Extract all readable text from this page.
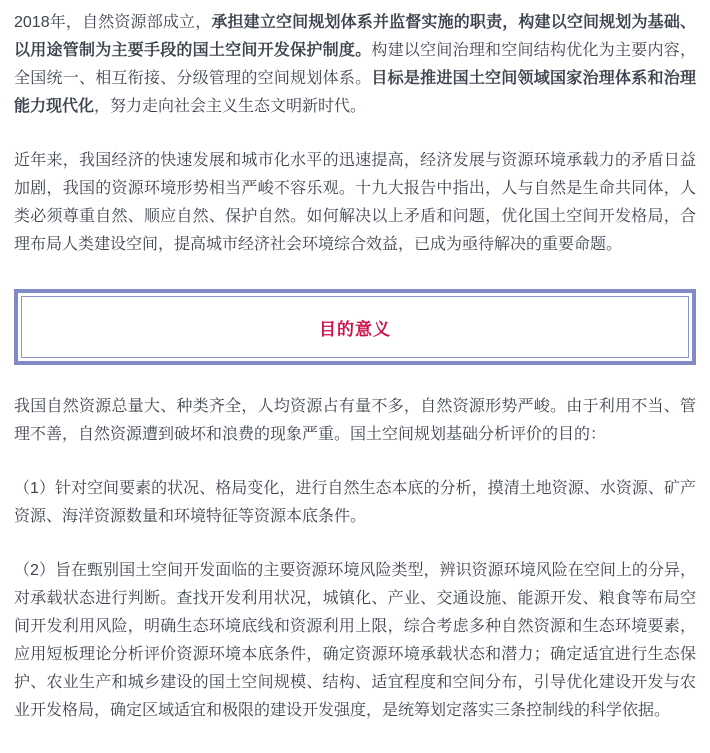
2018年，自然资源部成立，承担建立空间规划体系并监督实施的职责，构建以空间规划为基础、以用途管制为主要手段的国土空间开发保护制度。构建以空间治理和空间结构优化为主要内容，全国统一、相互衔接、分级管理的空间规划体系。目标是推进国土空间领域国家治理体系和治理能力现代化，努力走向社会主义生态文明新时代。

近年来，我国经济的快速发展和城市化水平的迅速提高，经济发展与资源环境承载力的矛盾日益加剧，我国的资源环境形势相当严峻不容乐观。十九大报告中指出，人与自然是生命共同体，人类必须尊重自然、顺应自然、保护自然。如何解决以上矛盾和问题，优化国土空间开发格局，合理布局人类建设空间，提高城市经济社会环境综合效益，已成为亟待解决的重要命题。

目的意义

我国自然资源总量大、种类齐全，人均资源占有量不多，自然资源形势严峻。由于利用不当、管理不善，自然资源遭到破坏和浪费的现象严重。国土空间规划基础分析评价的目的：

（1）针对空间要素的状况、格局变化，进行自然生态本底的分析，摸清土地资源、水资源、矿产资源、海洋资源数量和环境特征等资源本底条件。

（2）旨在甄别国土空间开发面临的主要资源环境风险类型，辨识资源环境风险在空间上的分异，对承载状态进行判断。查找开发利用状况，城镇化、产业、交通设施、能源开发、粮食等布局空间开发利用风险，明确生态环境底线和资源利用上限，综合考虑多种自然资源和生态环境要素，应用短板理论分析评价资源环境本底条件，确定资源环境承载状态和潜力；确定适宜进行生态保护、农业生产和城乡建设的国土空间规模、结构、适宜程度和空间分布，引导优化建设开发与农业开发格局，确定区域适宜和极限的建设开发强度，是统筹划定落实三条控制线的科学依据。
